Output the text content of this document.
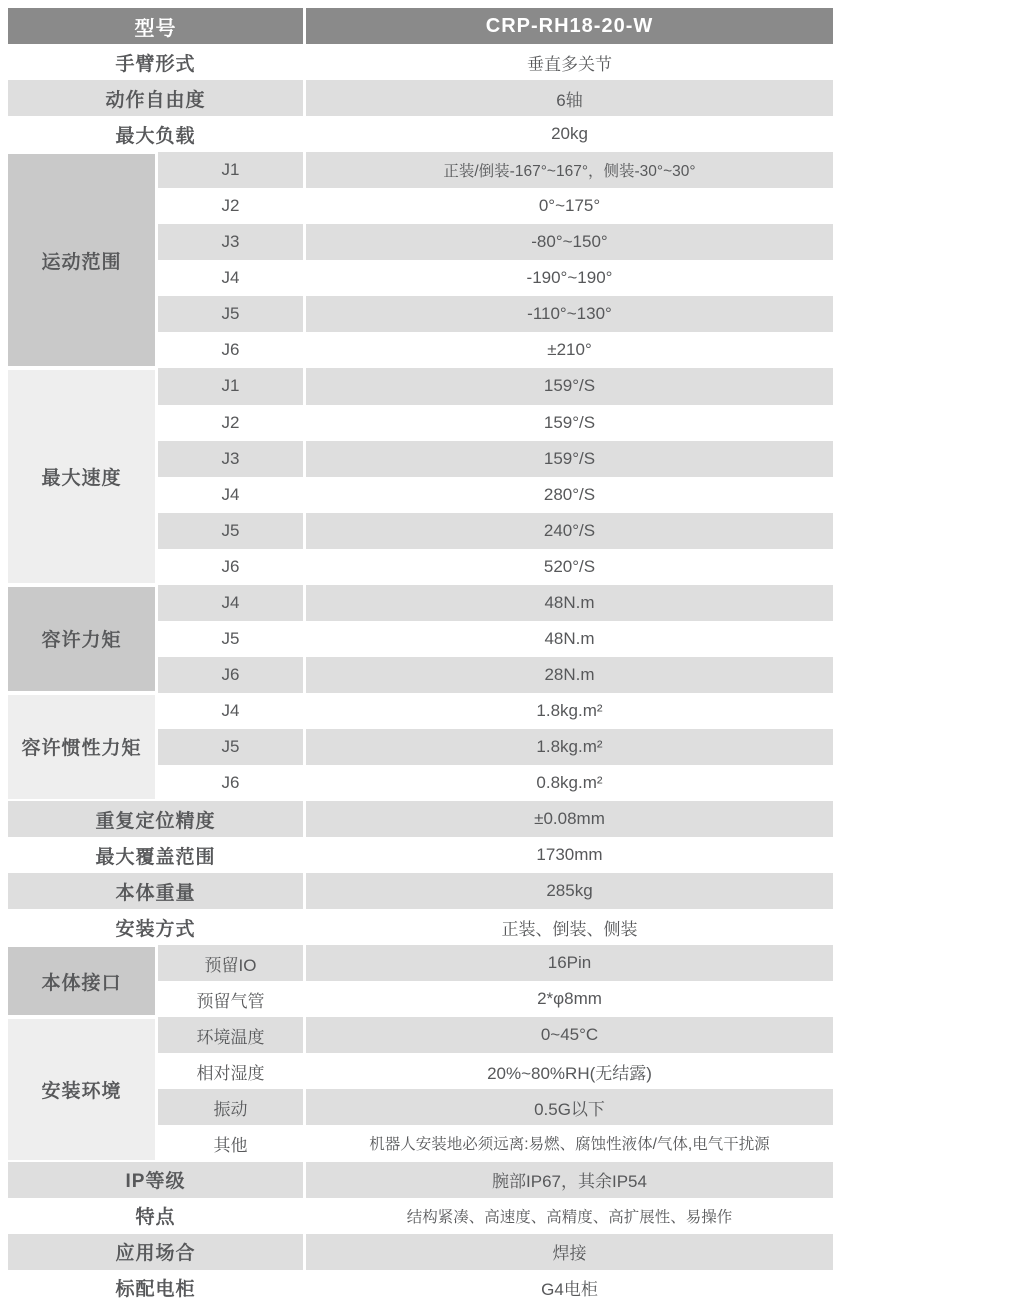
型号	CRP-RH18-20-W
手臂形式	垂直多关节
动作自由度	6轴
最大负载	20kg
运动范围
J1	正装/倒装-167°~167°，侧装-30°~30°
J2	0°~175°
J3	-80°~150°
J4	-190°~190°
J5	-110°~130°
J6	±210°
最大速度
J1	159°/S
J2	159°/S
J3	159°/S
J4	280°/S
J5	240°/S
J6	520°/S
容许力矩
J4	48N.m
J5	48N.m
J6	28N.m
容许惯性力矩
J4	1.8kg.m²
J5	1.8kg.m²
J6	0.8kg.m²
重复定位精度	±0.08mm
最大覆盖范围	1730mm
本体重量	285kg
安装方式	正装、倒装、侧装
本体接口
预留IO	16Pin
预留气管	2*φ8mm
安装环境
环境温度	0~45°C
相对湿度	20%~80%RH(无结露)
振动	0.5G以下
其他	机器人安装地必须远离:易燃、腐蚀性液体/气体,电气干扰源
IP等级	腕部IP67，其余IP54
特点	结构紧凑、高速度、高精度、高扩展性、易操作
应用场合	焊接
标配电柜	G4电柜
